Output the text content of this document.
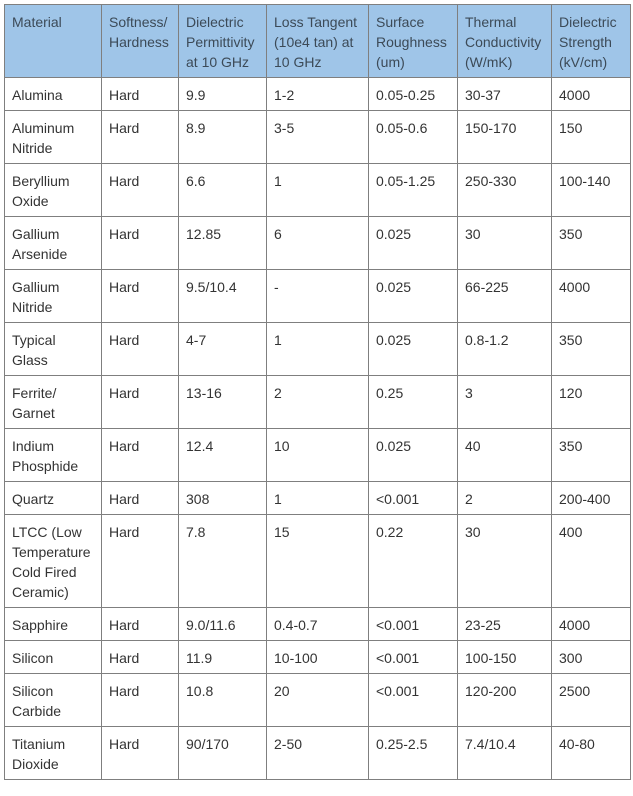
Material	Softness/ Hardness	Dielectric Permittivity at 10 GHz	Loss Tangent (10e4 tan) at 10 GHz	Surface Roughness (um)	Thermal Conductivity (W/mK)	Dielectric Strength (kV/cm)
Alumina	Hard	9.9	1-2	0.05-0.25	30-37	4000
Aluminum Nitride	Hard	8.9	3-5	0.05-0.6	150-170	150
Beryllium Oxide	Hard	6.6	1	0.05-1.25	250-330	100-140
Gallium Arsenide	Hard	12.85	6	0.025	30	350
Gallium Nitride	Hard	9.5/10.4	-	0.025	66-225	4000
Typical Glass	Hard	4-7	1	0.025	0.8-1.2	350
Ferrite/ Garnet	Hard	13-16	2	0.25	3	120
Indium Phosphide	Hard	12.4	10	0.025	40	350
Quartz	Hard	308	1	<0.001	2	200-400
LTCC (Low Temperature Cold Fired Ceramic)	Hard	7.8	15	0.22	30	400
Sapphire	Hard	9.0/11.6	0.4-0.7	<0.001	23-25	4000
Silicon	Hard	11.9	10-100	<0.001	100-150	300
Silicon Carbide	Hard	10.8	20	<0.001	120-200	2500
Titanium Dioxide	Hard	90/170	2-50	0.25-2.5	7.4/10.4	40-80
